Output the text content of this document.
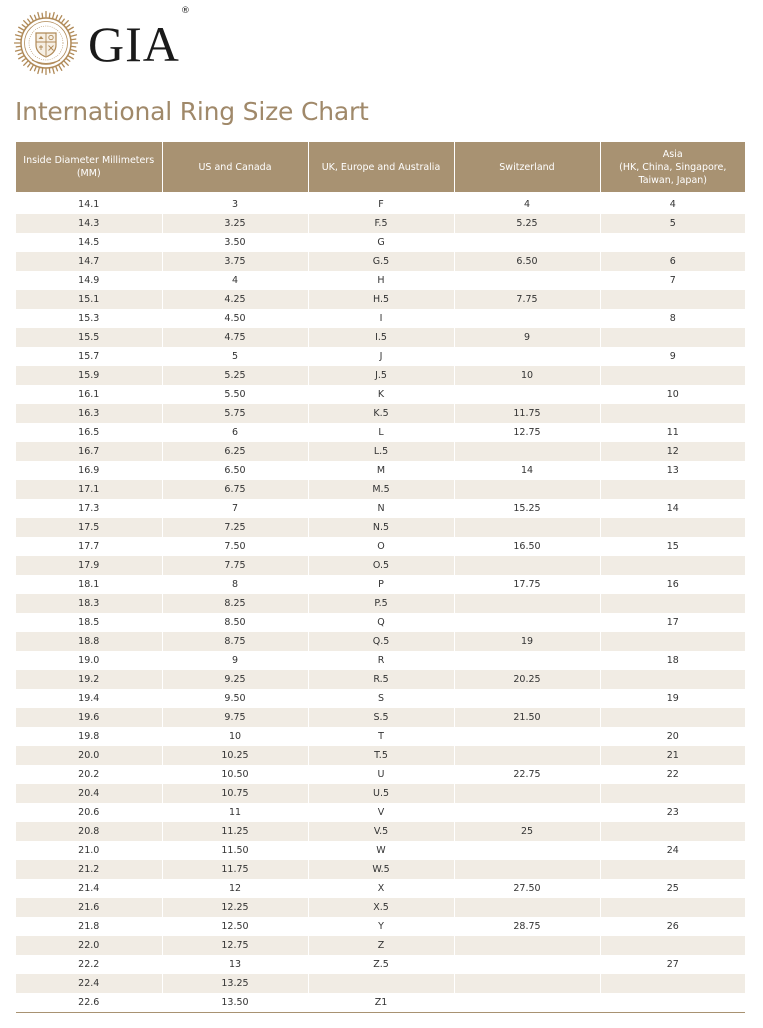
GIA®
International Ring Size Chart
Inside Diameter Millimeters
(MM)	US and Canada	UK, Europe and Australia	Switzerland	Asia
(HK, China, Singapore,
Taiwan, Japan)
14.1	3	F	4	4
14.3	3.25	F.5	5.25	5
14.5	3.50	G		
14.7	3.75	G.5	6.50	6
14.9	4	H		7
15.1	4.25	H.5	7.75	
15.3	4.50	I		8
15.5	4.75	I.5	9	
15.7	5	J		9
15.9	5.25	J.5	10	
16.1	5.50	K		10
16.3	5.75	K.5	11.75	
16.5	6	L	12.75	11
16.7	6.25	L.5		12
16.9	6.50	M	14	13
17.1	6.75	M.5		
17.3	7	N	15.25	14
17.5	7.25	N.5		
17.7	7.50	O	16.50	15
17.9	7.75	O.5		
18.1	8	P	17.75	16
18.3	8.25	P.5		
18.5	8.50	Q		17
18.8	8.75	Q.5	19	
19.0	9	R		18
19.2	9.25	R.5	20.25	
19.4	9.50	S		19
19.6	9.75	S.5	21.50	
19.8	10	T		20
20.0	10.25	T.5		21
20.2	10.50	U	22.75	22
20.4	10.75	U.5		
20.6	11	V		23
20.8	11.25	V.5	25	
21.0	11.50	W		24
21.2	11.75	W.5		
21.4	12	X	27.50	25
21.6	12.25	X.5		
21.8	12.50	Y	28.75	26
22.0	12.75	Z		
22.2	13	Z.5		27
22.4	13.25			
22.6	13.50	Z1		
